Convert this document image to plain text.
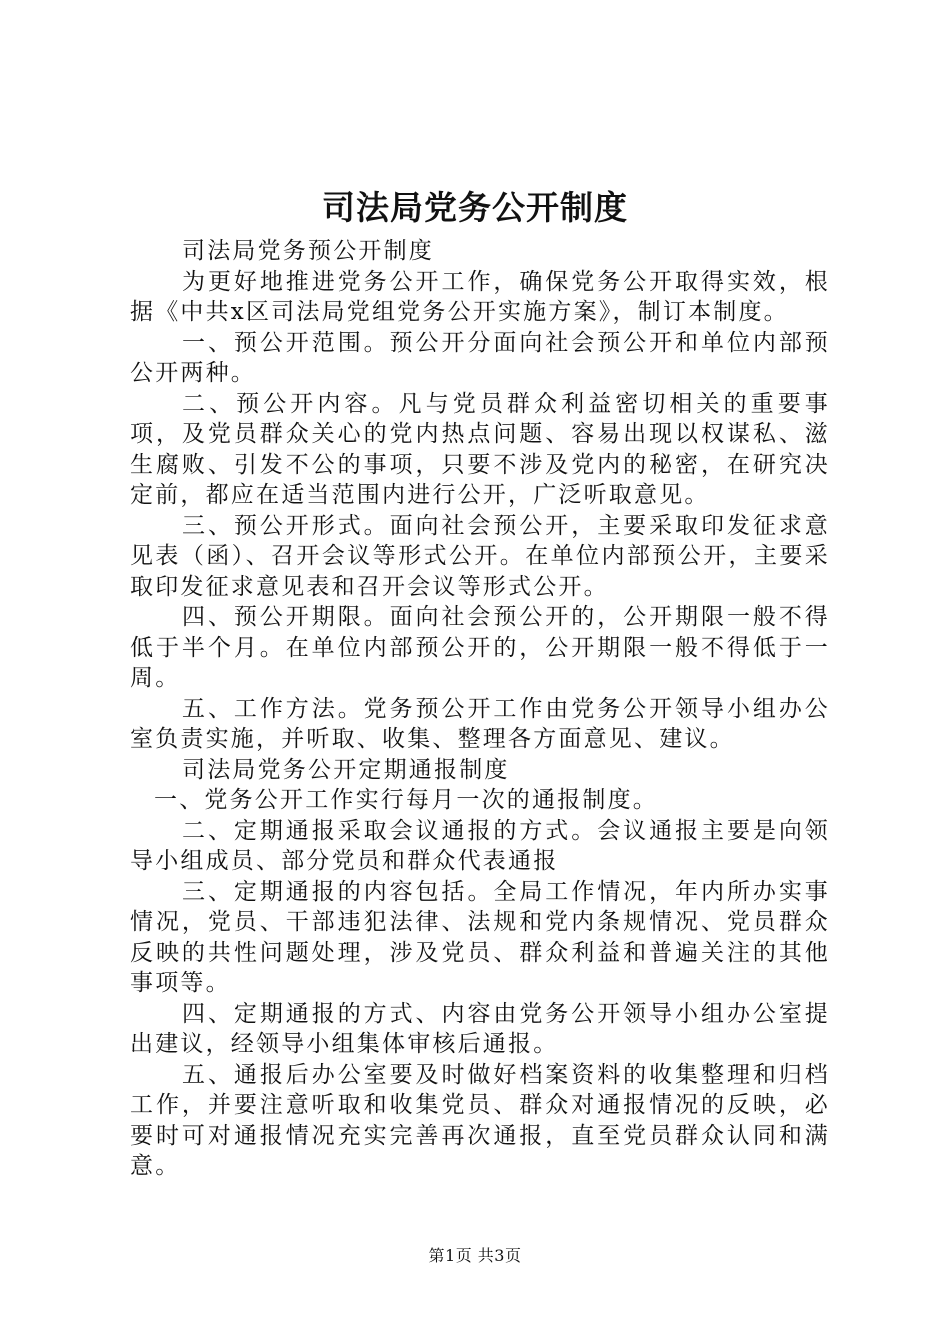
司法局党务公开制度

司法局党务预公开制度

为更好地推进党务公开工作，确保党务公开取得实效，根据《中共x区司法局党组党务公开实施方案》，制订本制度。

一、预公开范围。预公开分面向社会预公开和单位内部预公开两种。

二、预公开内容。凡与党员群众利益密切相关的重要事项，及党员群众关心的党内热点问题、容易出现以权谋私、滋生腐败、引发不公的事项，只要不涉及党内的秘密，在研究决定前，都应在适当范围内进行公开，广泛听取意见。

三、预公开形式。面向社会预公开，主要采取印发征求意见表（函）、召开会议等形式公开。在单位内部预公开，主要采取印发征求意见表和召开会议等形式公开。

四、预公开期限。面向社会预公开的，公开期限一般不得低于半个月。在单位内部预公开的，公开期限一般不得低于一周。

五、工作方法。党务预公开工作由党务公开领导小组办公室负责实施，并听取、收集、整理各方面意见、建议。

司法局党务公开定期通报制度

一、党务公开工作实行每月一次的通报制度。

二、定期通报采取会议通报的方式。会议通报主要是向领导小组成员、部分党员和群众代表通报

三、定期通报的内容包括。全局工作情况，年内所办实事情况，党员、干部违犯法律、法规和党内条规情况、党员群众反映的共性问题处理，涉及党员、群众利益和普遍关注的其他事项等。

四、定期通报的方式、内容由党务公开领导小组办公室提出建议，经领导小组集体审核后通报。

五、通报后办公室要及时做好档案资料的收集整理和归档工作，并要注意听取和收集党员、群众对通报情况的反映，必要时可对通报情况充实完善再次通报，直至党员群众认同和满意。

第1页 共3页
